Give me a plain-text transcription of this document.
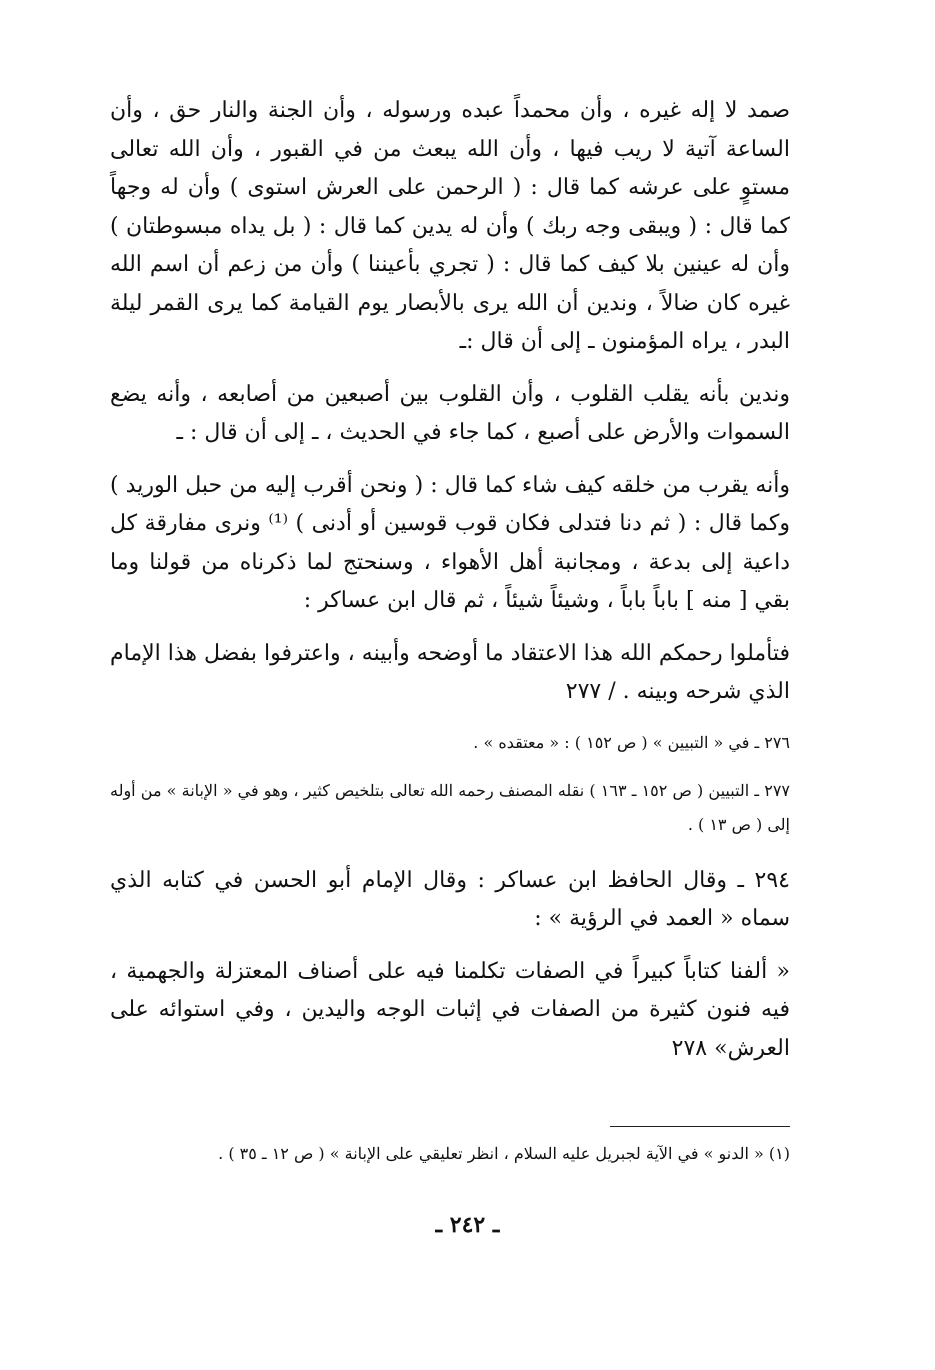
صمد لا إله غيره ، وأن محمداً عبده ورسوله ، وأن الجنة والنار حق ، وأن الساعة آتية لا ريب فيها ، وأن الله يبعث من في القبور ، وأن الله تعالى مستوٍ على عرشه كما قال : ( الرحمن على العرش استوى ) وأن له وجهاً كما قال : ( ويبقى وجه ربك ) وأن له يدين كما قال : ( بل يداه مبسوطتان ) وأن له عينين بلا كيف كما قال : ( تجري بأعيننا ) وأن من زعم أن اسم الله غيره كان ضالاً ، وندين أن الله يرى بالأبصار يوم القيامة كما يرى القمر ليلة البدر ، يراه المؤمنون ـ إلى أن قال :ـ

وندين بأنه يقلب القلوب ، وأن القلوب بين أصبعين من أصابعه ، وأنه يضع السموات والأرض على أصبع ، كما جاء في الحديث ، ـ إلى أن قال : ـ

وأنه يقرب من خلقه كيف شاء كما قال : ( ونحن أقرب إليه من حبل الوريد ) وكما قال : ( ثم دنا فتدلى فكان قوب قوسين أو أدنى ) ⁽¹⁾ ونرى مفارقة كل داعية إلى بدعة ، ومجانبة أهل الأهواء ، وسنحتج لما ذكرناه من قولنا وما بقي [ منه ] باباً باباً ، وشيئاً شيئاً ، ثم قال ابن عساكر :

فتأملوا رحمكم الله هذا الاعتقاد ما أوضحه وأبينه ، واعترفوا بفضل هذا الإمام الذي شرحه وبينه . / ٢٧٧

٢٧٦ ـ في « التبيين » ( ص ١٥٢ ) : « معتقده » .

٢٧٧ ـ التبيين ( ص ١٥٢ ـ ١٦٣ ) نقله المصنف رحمه الله تعالى بتلخيص كثير ، وهو في « الإبانة » من أوله إلى ( ص ١٣ ) .

٢٩٤ ـ وقال الحافظ ابن عساكر : وقال الإمام أبو الحسن في كتابه الذي سماه « العمد في الرؤية » :

« ألفنا كتاباً كبيراً في الصفات تكلمنا فيه على أصناف المعتزلة والجهمية ، فيه فنون كثيرة من الصفات في إثبات الوجه واليدين ، وفي استوائه على العرش» ٢٧٨

(١) « الدنو » في الآية لجبريل عليه السلام ، انظر تعليقي على الإبانة » ( ص ١٢ ـ ٣٥ ) .

ـ ٢٤٢ ـ
